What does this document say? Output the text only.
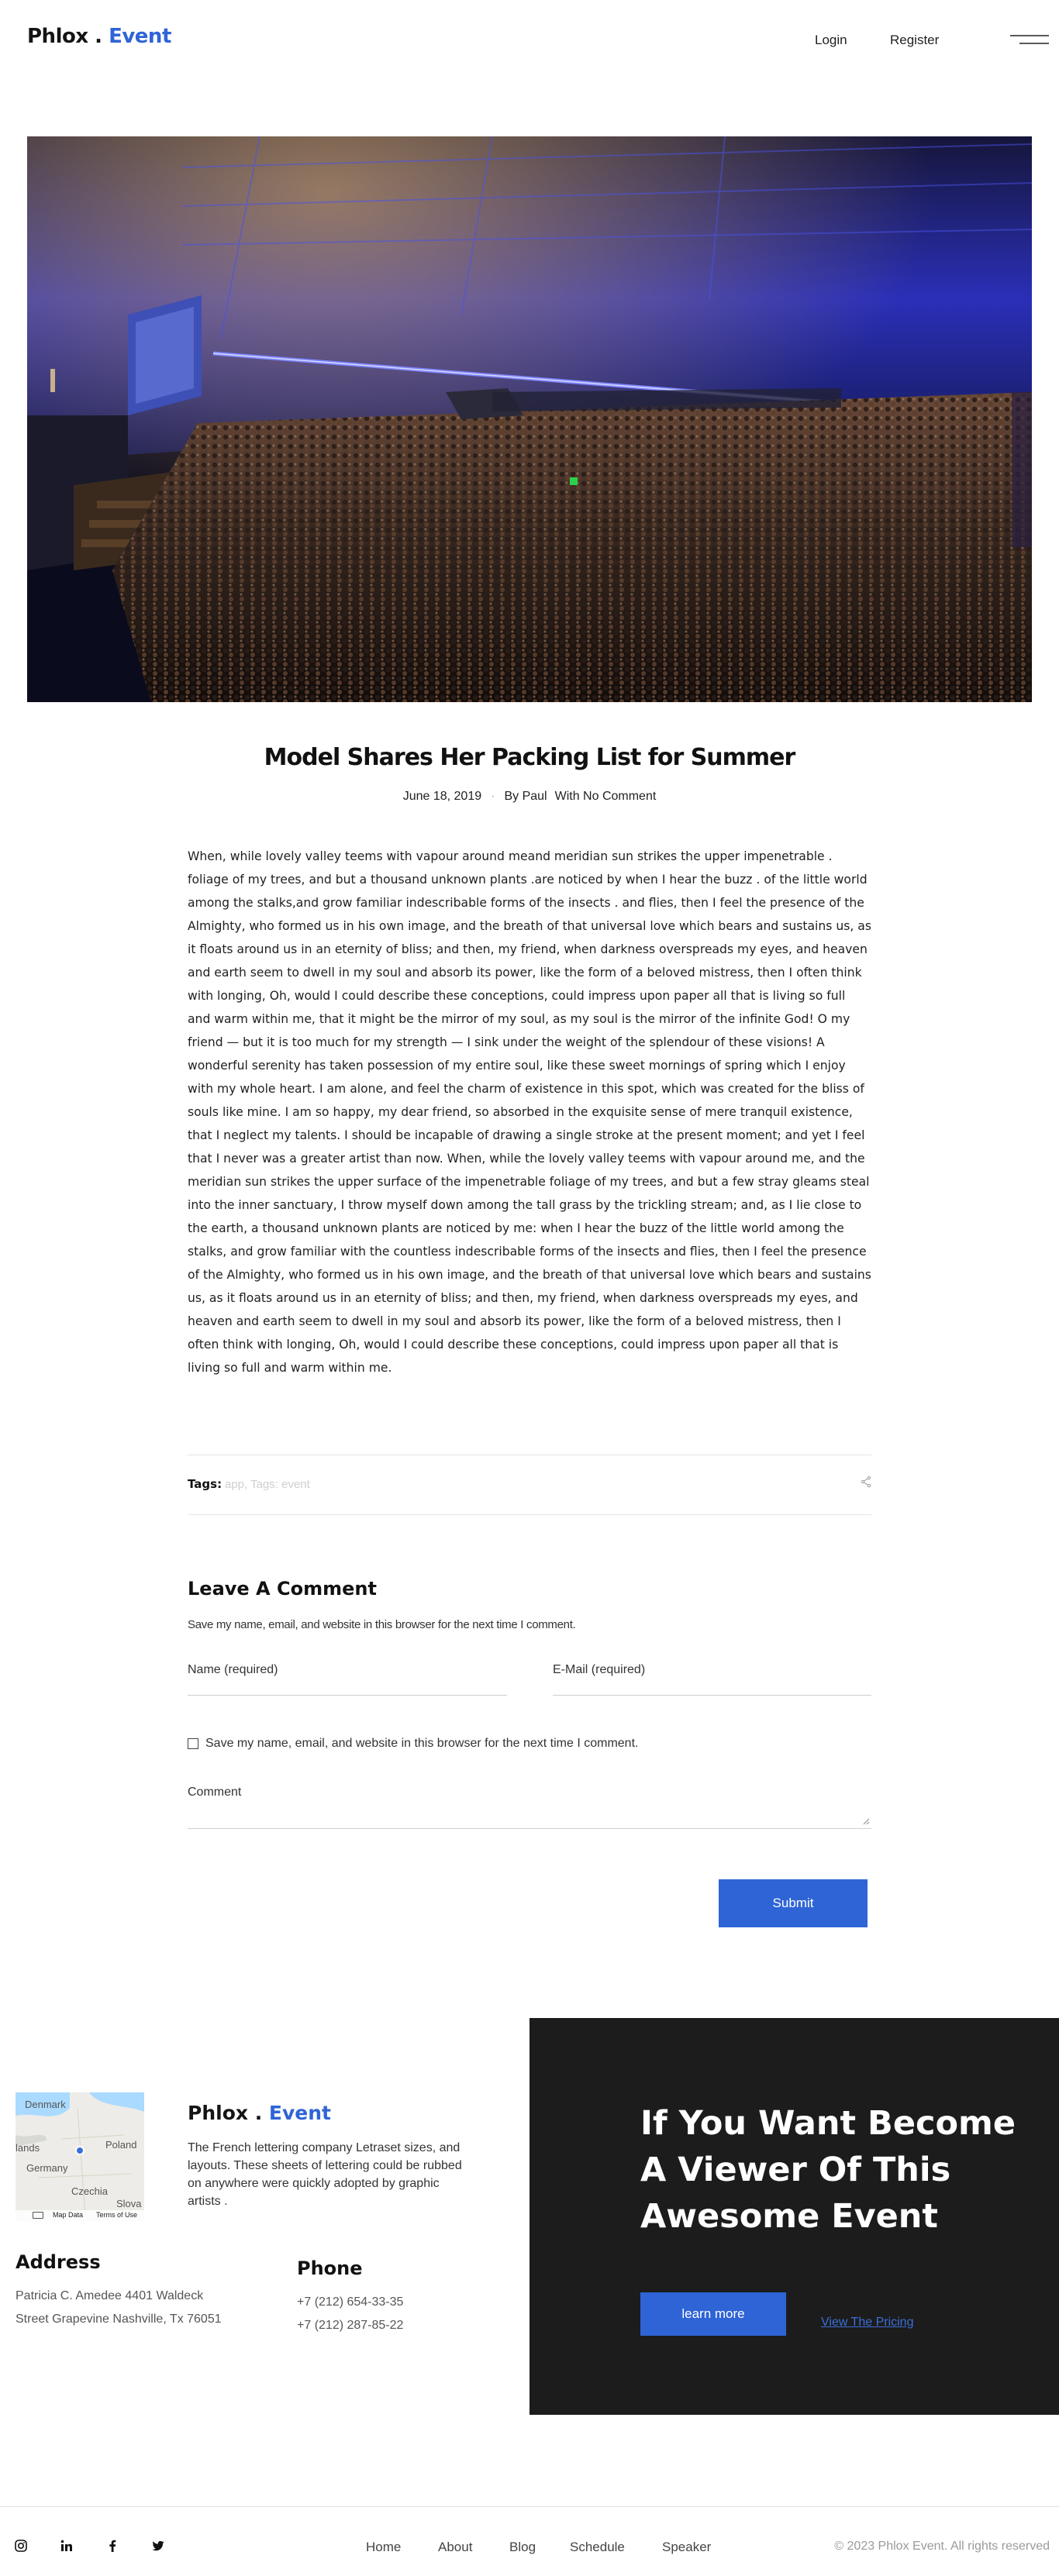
Phlox . Event	Login	Register
Model Shares Her Packing List for Summer
June 18, 2019 · By Paul With No Comment

When, while lovely valley teems with vapour around meand meridian sun strikes the upper impenetrable . foliage of my trees, and but a thousand unknown plants .are noticed by when I hear the buzz . of the little world among the stalks,and grow familiar indescribable forms of the insects . and flies, then I feel the presence of the Almighty, who formed us in his own image, and the breath of that universal love which bears and sustains us, as it floats around us in an eternity of bliss; and then, my friend, when darkness overspreads my eyes, and heaven and earth seem to dwell in my soul and absorb its power, like the form of a beloved mistress, then I often think with longing, Oh, would I could describe these conceptions, could impress upon paper all that is living so full and warm within me, that it might be the mirror of my soul, as my soul is the mirror of the infinite God! O my friend — but it is too much for my strength — I sink under the weight of the splendour of these visions! A wonderful serenity has taken possession of my entire soul, like these sweet mornings of spring which I enjoy with my whole heart. I am alone, and feel the charm of existence in this spot, which was created for the bliss of souls like mine. I am so happy, my dear friend, so absorbed in the exquisite sense of mere tranquil existence, that I neglect my talents. I should be incapable of drawing a single stroke at the present moment; and yet I feel that I never was a greater artist than now. When, while the lovely valley teems with vapour around me, and the meridian sun strikes the upper surface of the impenetrable foliage of my trees, and but a few stray gleams steal into the inner sanctuary, I throw myself down among the tall grass by the trickling stream; and, as I lie close to the earth, a thousand unknown plants are noticed by me: when I hear the buzz of the little world among the stalks, and grow familiar with the countless indescribable forms of the insects and flies, then I feel the presence of the Almighty, who formed us in his own image, and the breath of that universal love which bears and sustains us, as it floats around us in an eternity of bliss; and then, my friend, when darkness overspreads my eyes, and heaven and earth seem to dwell in my soul and absorb its power, like the form of a beloved mistress, then I often think with longing, Oh, would I could describe these conceptions, could impress upon paper all that is living so full and warm within me.

Tags: app, Tags: event
Leave A Comment

Save my name, email, and website in this browser for the next time I comment.

Name (required)
E-Mail (required)
Save my name, email, and website in this browser for the next time I comment.
Comment
Submit
Denmark
Poland
lands
Germany
Czechia
Slova
Map Data Terms of Use
Phlox . Event

The French lettering company Letraset sizes, and layouts. These sheets of lettering could be rubbed on anywhere were quickly adopted by graphic artists .

Address

Patricia C. Amedee 4401 Waldeck

Street Grapevine Nashville, Tx 76051

Phone

+7 (212) 654-33-35

+7 (212) 287-85-22

If You Want Become A Viewer Of This Awesome Event
learn more
View The Pricing
Home	About	Blog	Schedule	Speaker	© 2023 Phlox Event. All rights reserved
